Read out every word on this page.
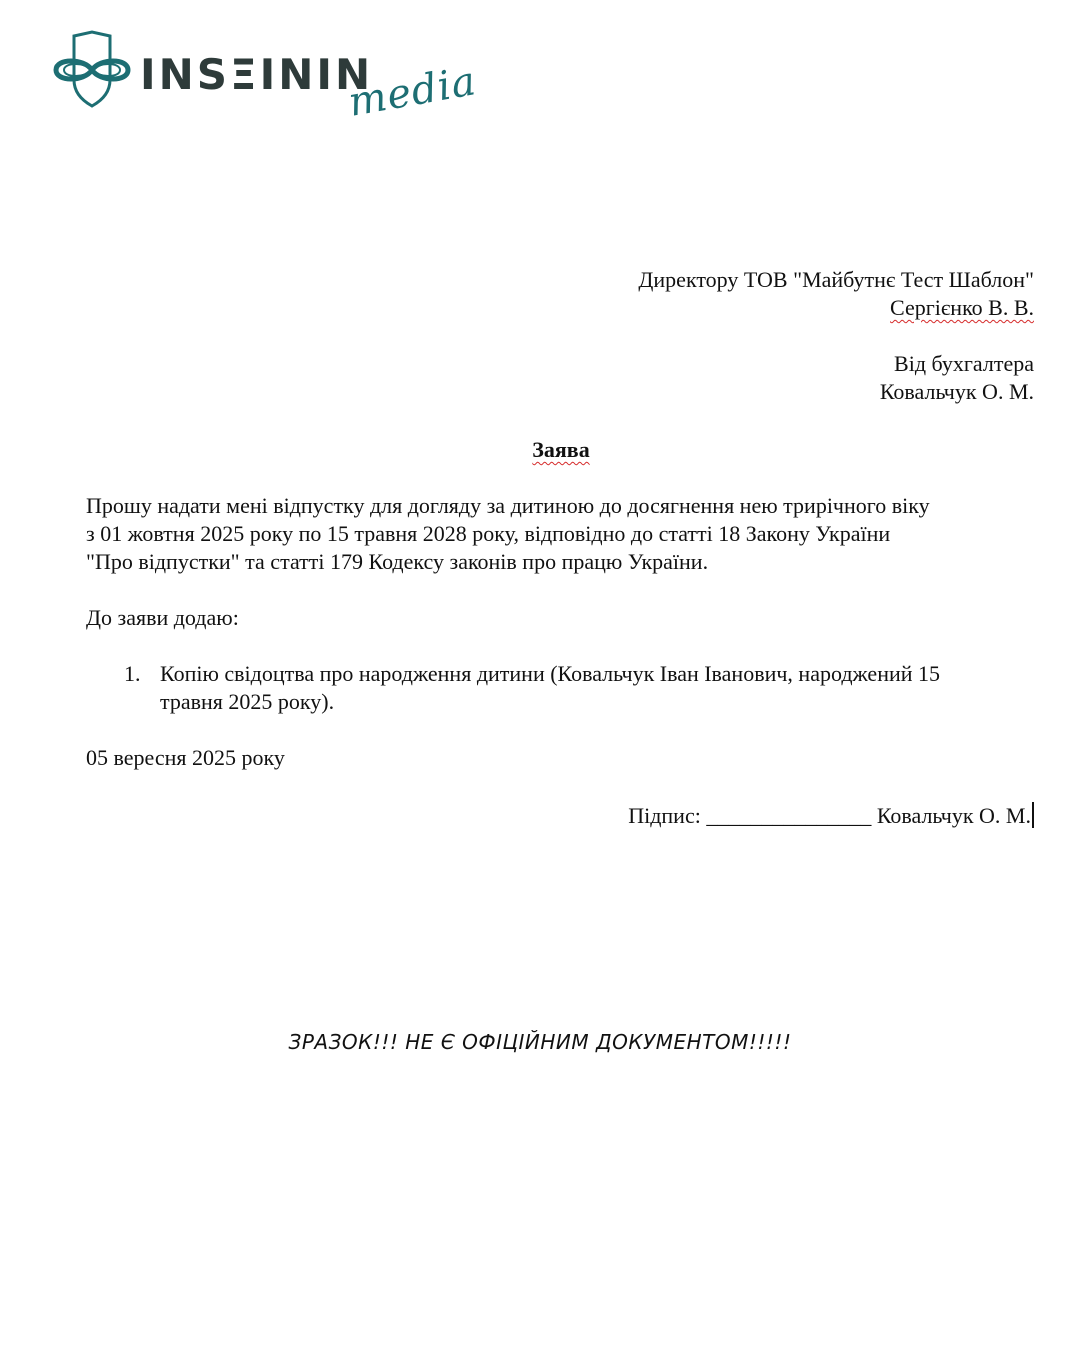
INSΞINІN
media
Директору ТОВ "Майбутнє Тест Шаблон"
Сергієнко В. В.
Від бухгалтера
Ковальчук О. М.
Заява
Прошу надати мені відпустку для догляду за дитиною до досягнення нею трирічного віку
з 01 жовтня 2025 року по 15 травня 2028 року, відповідно до статті 18 Закону України
"Про відпустки" та статті 179 Кодексу законів про працю України.
До заяви додаю:
1. Копію свідоцтва про народження дитини (Ковальчук Іван Іванович, народжений 15
травня 2025 року).
05 вересня 2025 року
Підпис: _______________ Ковальчук О. М.
ЗРАЗОК!!! НЕ Є ОФІЦІЙНИМ ДОКУМЕНТОМ!!!!!
